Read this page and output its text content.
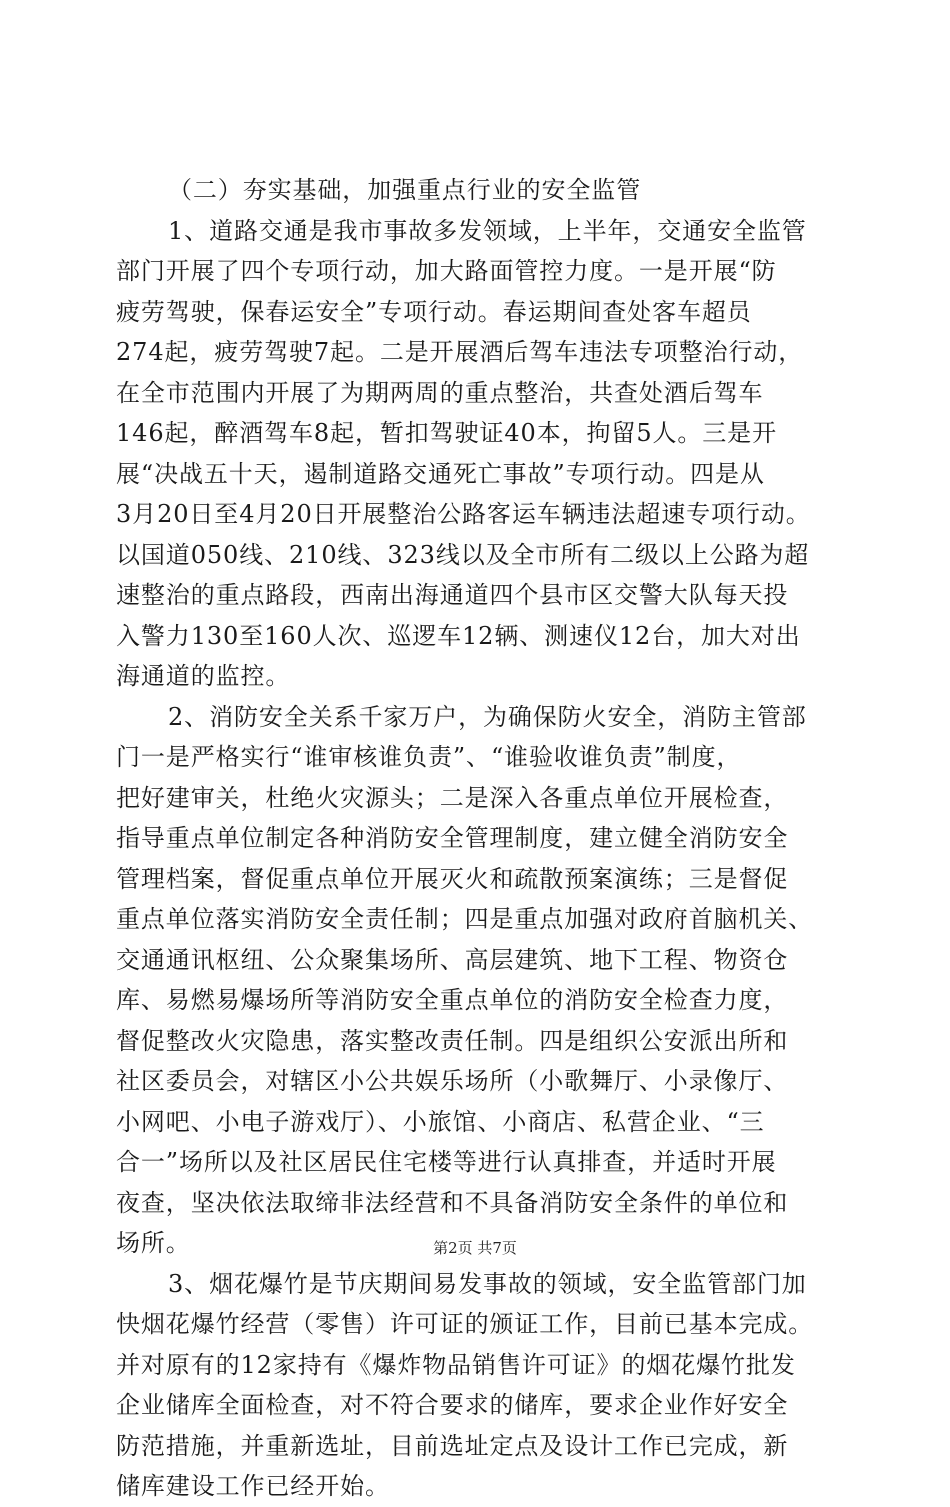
（二）夯实基础，加强重点行业的安全监管
1、道路交通是我市事故多发领域，上半年，交通安全监管
部门开展了四个专项行动，加大路面管控力度。一是开展“防
疲劳驾驶，保春运安全”专项行动。春运期间查处客车超员
274起，疲劳驾驶7起。二是开展酒后驾车违法专项整治行动，
在全市范围内开展了为期两周的重点整治，共查处酒后驾车
146起，醉酒驾车8起，暂扣驾驶证40本，拘留5人。三是开
展“决战五十天，遏制道路交通死亡事故”专项行动。四是从
3月20日至4月20日开展整治公路客运车辆违法超速专项行动。
以国道050线、210线、323线以及全市所有二级以上公路为超
速整治的重点路段，西南出海通道四个县市区交警大队每天投
入警力130至160人次、巡逻车12辆、测速仪12台，加大对出
海通道的监控。
2、消防安全关系千家万户，为确保防火安全，消防主管部
门一是严格实行“谁审核谁负责”、“谁验收谁负责”制度，
把好建审关，杜绝火灾源头；二是深入各重点单位开展检查，
指导重点单位制定各种消防安全管理制度，建立健全消防安全
管理档案，督促重点单位开展灭火和疏散预案演练；三是督促
重点单位落实消防安全责任制；四是重点加强对政府首脑机关、
交通通讯枢纽、公众聚集场所、高层建筑、地下工程、物资仓
库、易燃易爆场所等消防安全重点单位的消防安全检查力度，
督促整改火灾隐患，落实整改责任制。四是组织公安派出所和
社区委员会，对辖区小公共娱乐场所（小歌舞厅、小录像厅、
小网吧、小电子游戏厅）、小旅馆、小商店、私营企业、“三
合一”场所以及社区居民住宅楼等进行认真排查，并适时开展
夜查，坚决依法取缔非法经营和不具备消防安全条件的单位和
场所。
3、烟花爆竹是节庆期间易发事故的领域，安全监管部门加
快烟花爆竹经营（零售）许可证的颁证工作，目前已基本完成。
并对原有的12家持有《爆炸物品销售许可证》的烟花爆竹批发
企业储库全面检查，对不符合要求的储库，要求企业作好安全
防范措施，并重新选址，目前选址定点及设计工作已完成，新
储库建设工作已经开始。
第2页 共7页
